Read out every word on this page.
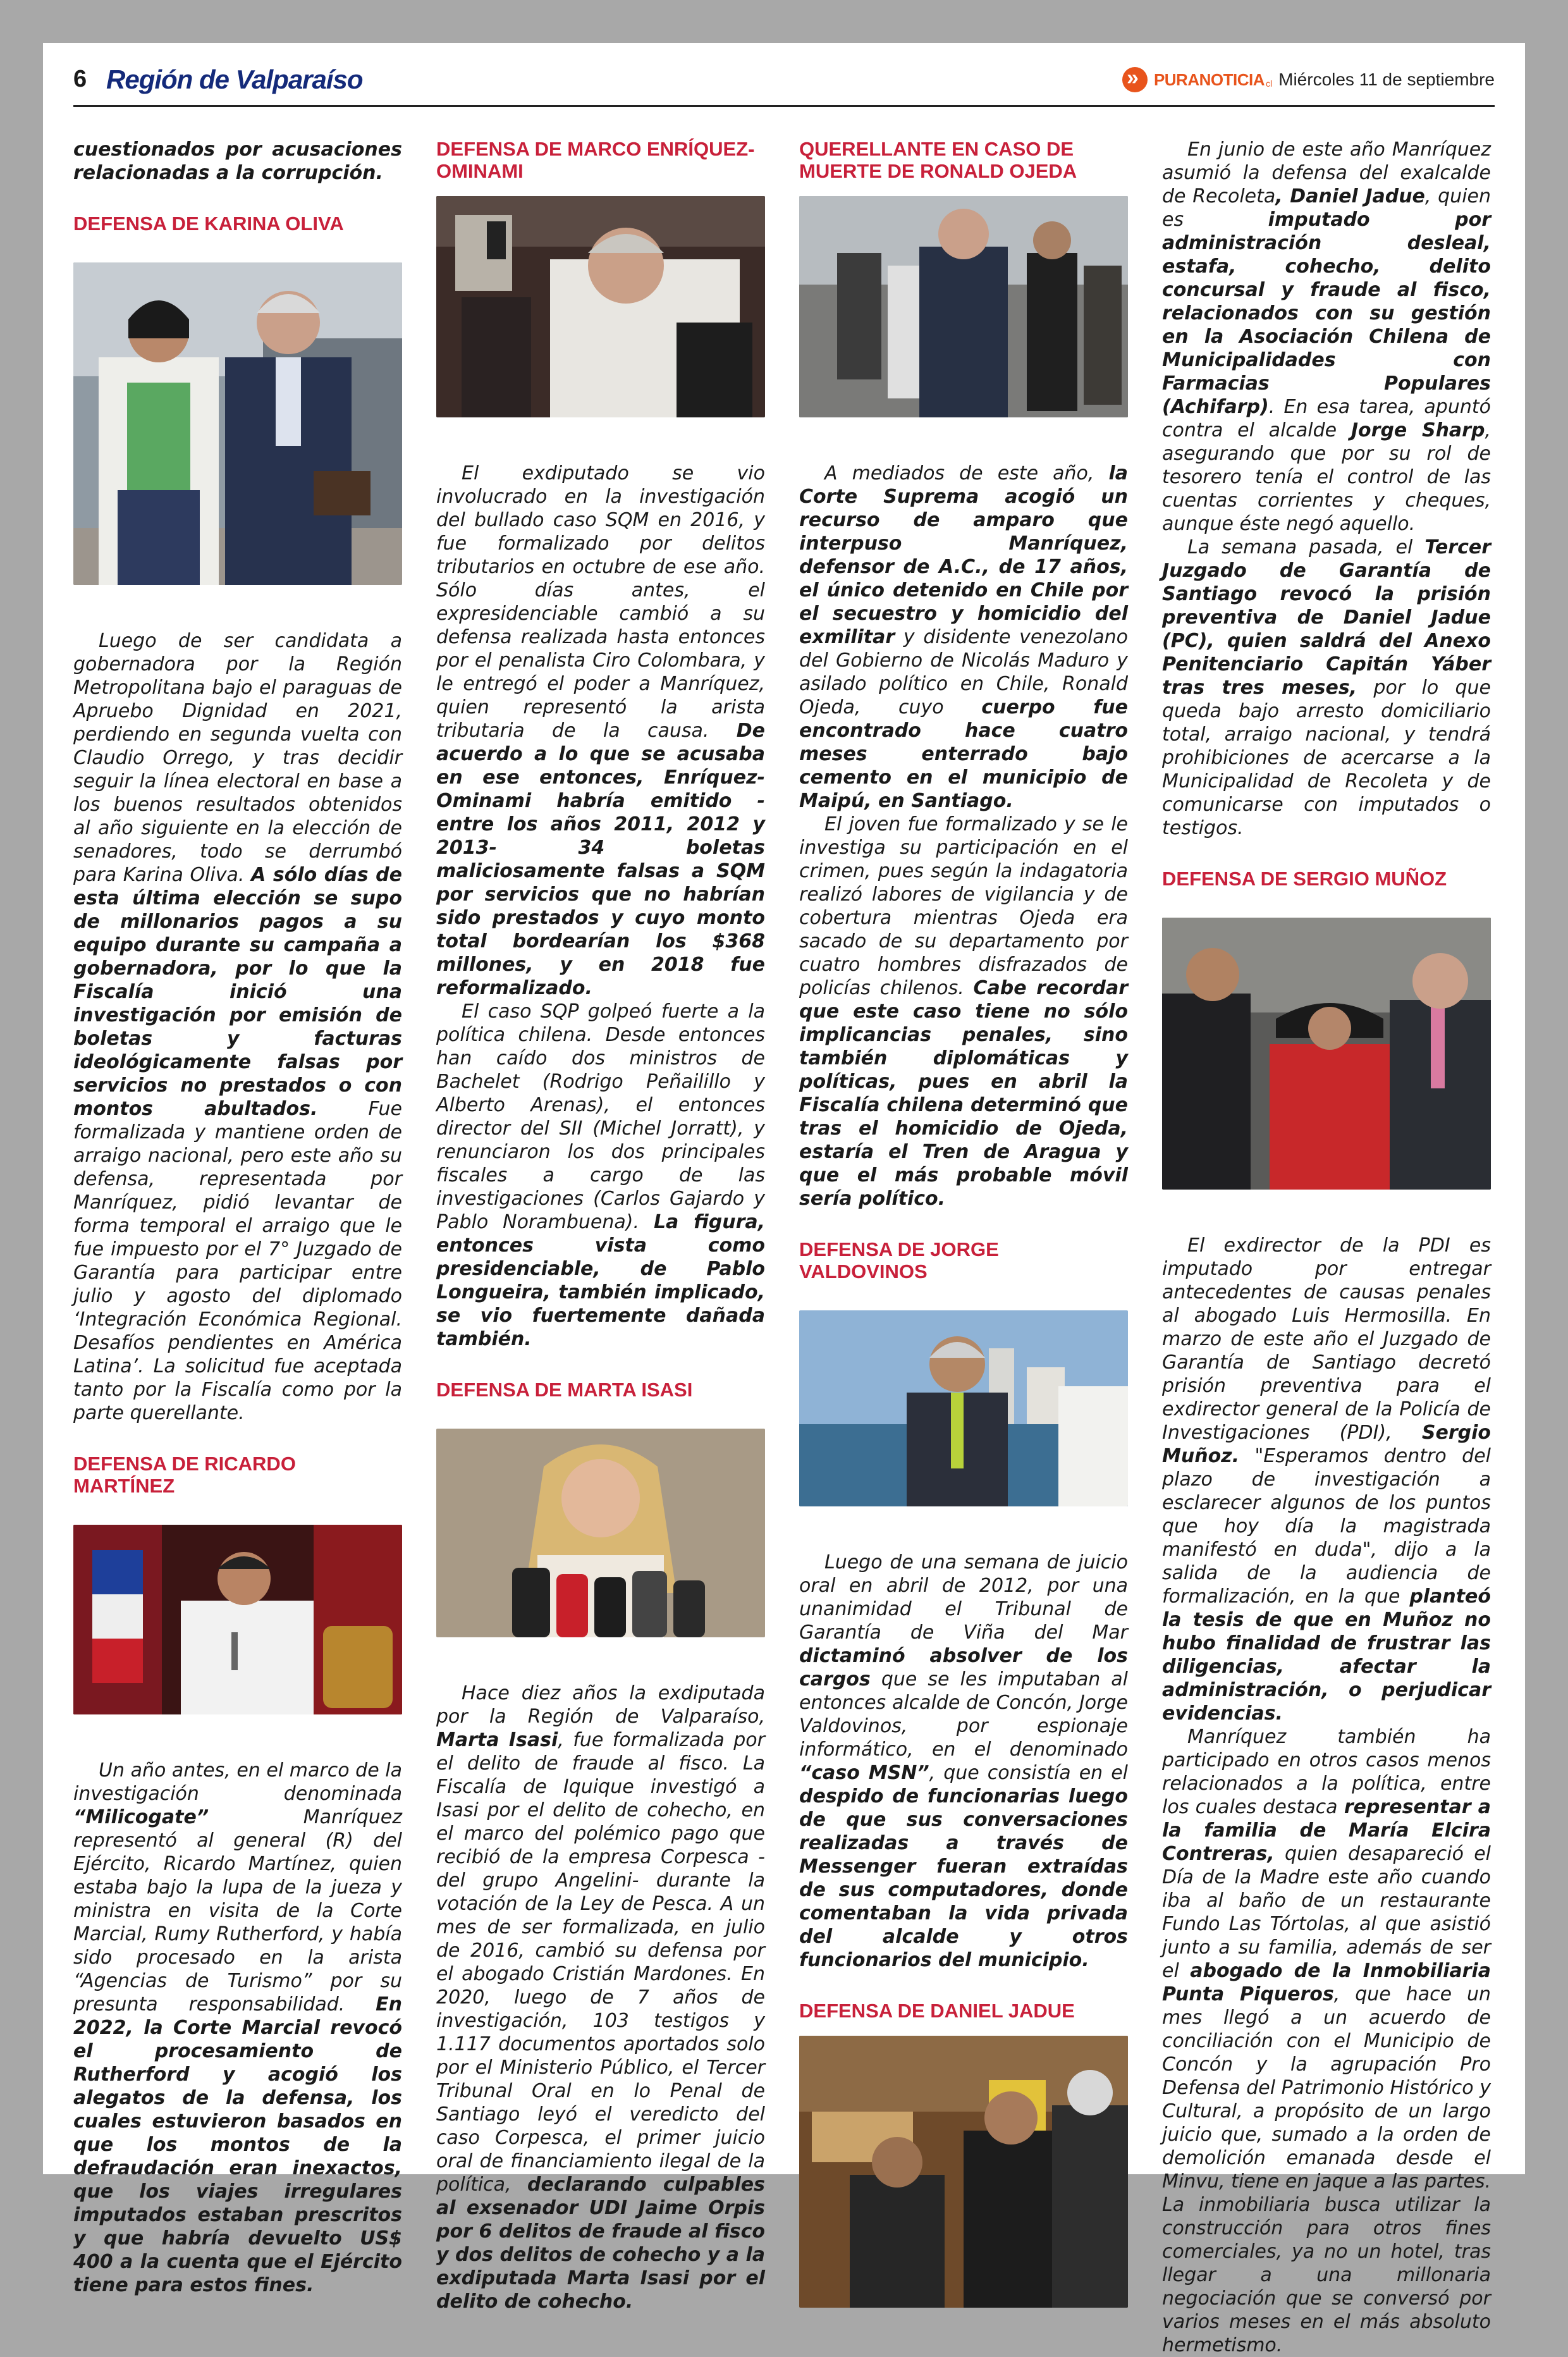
6 Región de Valparaíso
»	PURANOTICIA cl Miércoles 11 de septiembre

cuestionados por acusaciones relacionadas a la corrupción.

DEFENSA DE KARINA OLIVA

Luego de ser candidata a gobernadora por la Región Metropolitana bajo el paraguas de Apruebo Dignidad en 2021, perdiendo en segunda vuelta con Claudio Orrego, y tras decidir seguir la línea electoral en base a los buenos resultados obtenidos al año siguiente en la elección de senadores, todo se derrumbó para Karina Oliva. A sólo días de esta última elección se supo de millonarios pagos a su equipo durante su campaña a gobernadora, por lo que la Fiscalía inició una investigación por emisión de boletas y facturas ideológicamente falsas por servicios no prestados o con montos abultados. Fue formalizada y mantiene orden de arraigo nacional, pero este año su defensa, representada por Manríquez, pidió levantar de forma temporal el arraigo que le fue impuesto por el 7° Juzgado de Garantía para participar entre julio y agosto del diplomado ‘Integración Económica Regional. Desafíos pendientes en América Latina’. La solicitud fue aceptada tanto por la Fiscalía como por la parte querellante.

DEFENSA DE RICARDO MARTÍNEZ

Un año antes, en el marco de la investigación denominada “Milicogate” Manríquez representó al general (R) del Ejército, Ricardo Martínez, quien estaba bajo la lupa de la jueza y ministra en visita de la Corte Marcial, Rumy Rutherford, y había sido procesado en la arista “Agencias de Turismo” por su presunta responsabilidad. En 2022, la Corte Marcial revocó el procesamiento de Rutherford y acogió los alegatos de la defensa, los cuales estuvieron basados en que los montos de la defraudación eran inexactos, que los viajes irregulares imputados estaban prescritos y que habría devuelto US$ 400 a la cuenta que el Ejército tiene para estos fines.

DEFENSA DE MARCO ENRÍQUEZ-OMINAMI

El exdiputado se vio involucrado en la investigación del bullado caso SQM en 2016, y fue formalizado por delitos tributarios en octubre de ese año. Sólo días antes, el expresidenciable cambió a su defensa realizada hasta entonces por el penalista Ciro Colombara, y le entregó el poder a Manríquez, quien representó la arista tributaria de la causa. De acuerdo a lo que se acusaba en ese entonces, Enríquez-Ominami habría emitido -entre los años 2011, 2012 y 2013- 34 boletas maliciosamente falsas a SQM por servicios que no habrían sido prestados y cuyo monto total bordearían los $368 millones, y en 2018 fue reformalizado.

El caso SQP golpeó fuerte a la política chilena. Desde entonces han caído dos ministros de Bachelet (Rodrigo Peñailillo y Alberto Arenas), el entonces director del SII (Michel Jorratt), y renunciaron los dos principales fiscales a cargo de las investigaciones (Carlos Gajardo y Pablo Norambuena). La figura, entonces vista como presidenciable, de Pablo Longueira, también implicado, se vio fuertemente dañada también.

DEFENSA DE MARTA ISASI

Hace diez años la exdiputada por la Región de Valparaíso, Marta Isasi, fue formalizada por el delito de fraude al fisco. La Fiscalía de Iquique investigó a Isasi por el delito de cohecho, en el marco del polémico pago que recibió de la empresa Corpesca -del grupo Angelini- durante la votación de la Ley de Pesca. A un mes de ser formalizada, en julio de 2016, cambió su defensa por el abogado Cristián Mardones. En 2020, luego de 7 años de investigación, 103 testigos y 1.117 documentos aportados solo por el Ministerio Público, el Tercer Tribunal Oral en lo Penal de Santiago leyó el veredicto del caso Corpesca, el primer juicio oral de financiamiento ilegal de la política, declarando culpables al exsenador UDI Jaime Orpis por 6 delitos de fraude al fisco y dos delitos de cohecho y a la exdiputada Marta Isasi por el delito de cohecho.

QUERELLANTE EN CASO DE MUERTE DE RONALD OJEDA

A mediados de este año, la Corte Suprema acogió un recurso de amparo que interpuso Manríquez, defensor de A.C., de 17 años, el único detenido en Chile por el secuestro y homicidio del exmilitar y disidente venezolano del Gobierno de Nicolás Maduro y asilado político en Chile, Ronald Ojeda, cuyo cuerpo fue encontrado hace cuatro meses enterrado bajo cemento en el municipio de Maipú, en Santiago.

El joven fue formalizado y se le investiga su participación en el crimen, pues según la indagatoria realizó labores de vigilancia y de cobertura mientras Ojeda era sacado de su departamento por cuatro hombres disfrazados de policías chilenos. Cabe recordar que este caso tiene no sólo implicancias penales, sino también diplomáticas y políticas, pues en abril la Fiscalía chilena determinó que tras el homicidio de Ojeda, estaría el Tren de Aragua y que el más probable móvil sería político.

DEFENSA DE JORGE VALDOVINOS

Luego de una semana de juicio oral en abril de 2012, por una unanimidad el Tribunal de Garantía de Viña del Mar dictaminó absolver de los cargos que se les imputaban al entonces alcalde de Concón, Jorge Valdovinos, por espionaje informático, en el denominado “caso MSN”, que consistía en el despido de funcionarias luego de que sus conversaciones realizadas a través de Messenger fueran extraídas de sus computadores, donde comentaban la vida privada del alcalde y otros funcionarios del municipio.

DEFENSA DE DANIEL JADUE

En junio de este año Manríquez asumió la defensa del exalcalde de Recoleta, Daniel Jadue, quien es imputado por administración desleal, estafa, cohecho, delito concursal y fraude al fisco, relacionados con su gestión en la Asociación Chilena de Municipalidades con Farmacias Populares (Achifarp). En esa tarea, apuntó contra el alcalde Jorge Sharp, asegurando que por su rol de tesorero tenía el control de las cuentas corrientes y cheques, aunque éste negó aquello.

La semana pasada, el Tercer Juzgado de Garantía de Santiago revocó la prisión preventiva de Daniel Jadue (PC), quien saldrá del Anexo Penitenciario Capitán Yáber tras tres meses, por lo que queda bajo arresto domiciliario total, arraigo nacional, y tendrá prohibiciones de acercarse a la Municipalidad de Recoleta y de comunicarse con imputados o testigos.

DEFENSA DE SERGIO MUÑOZ

El exdirector de la PDI es imputado por entregar antecedentes de causas penales al abogado Luis Hermosilla. En marzo de este año el Juzgado de Garantía de Santiago decretó prisión preventiva para el exdirector general de la Policía de Investigaciones (PDI), Sergio Muñoz. "Esperamos dentro del plazo de investigación a esclarecer algunos de los puntos que hoy día la magistrada manifestó en duda", dijo a la salida de la audiencia de formalización, en la que planteó la tesis de que en Muñoz no hubo finalidad de frustrar las diligencias, afectar la administración, o perjudicar evidencias.

Manríquez también ha participado en otros casos menos relacionados a la política, entre los cuales destaca representar a la familia de María Elcira Contreras, quien desapareció el Día de la Madre este año cuando iba al baño de un restaurante Fundo Las Tórtolas, al que asistió junto a su familia, además de ser el abogado de la Inmobiliaria Punta Piqueros, que hace un mes llegó a un acuerdo de conciliación con el Municipio de Concón y la agrupación Pro Defensa del Patrimonio Histórico y Cultural, a propósito de un largo juicio que, sumado a la orden de demolición emanada desde el Minvu, tiene en jaque a las partes. La inmobiliaria busca utilizar la construcción para otros fines comerciales, ya no un hotel, tras llegar a una millonaria negociación que se conversó por varios meses en el más absoluto hermetismo.
